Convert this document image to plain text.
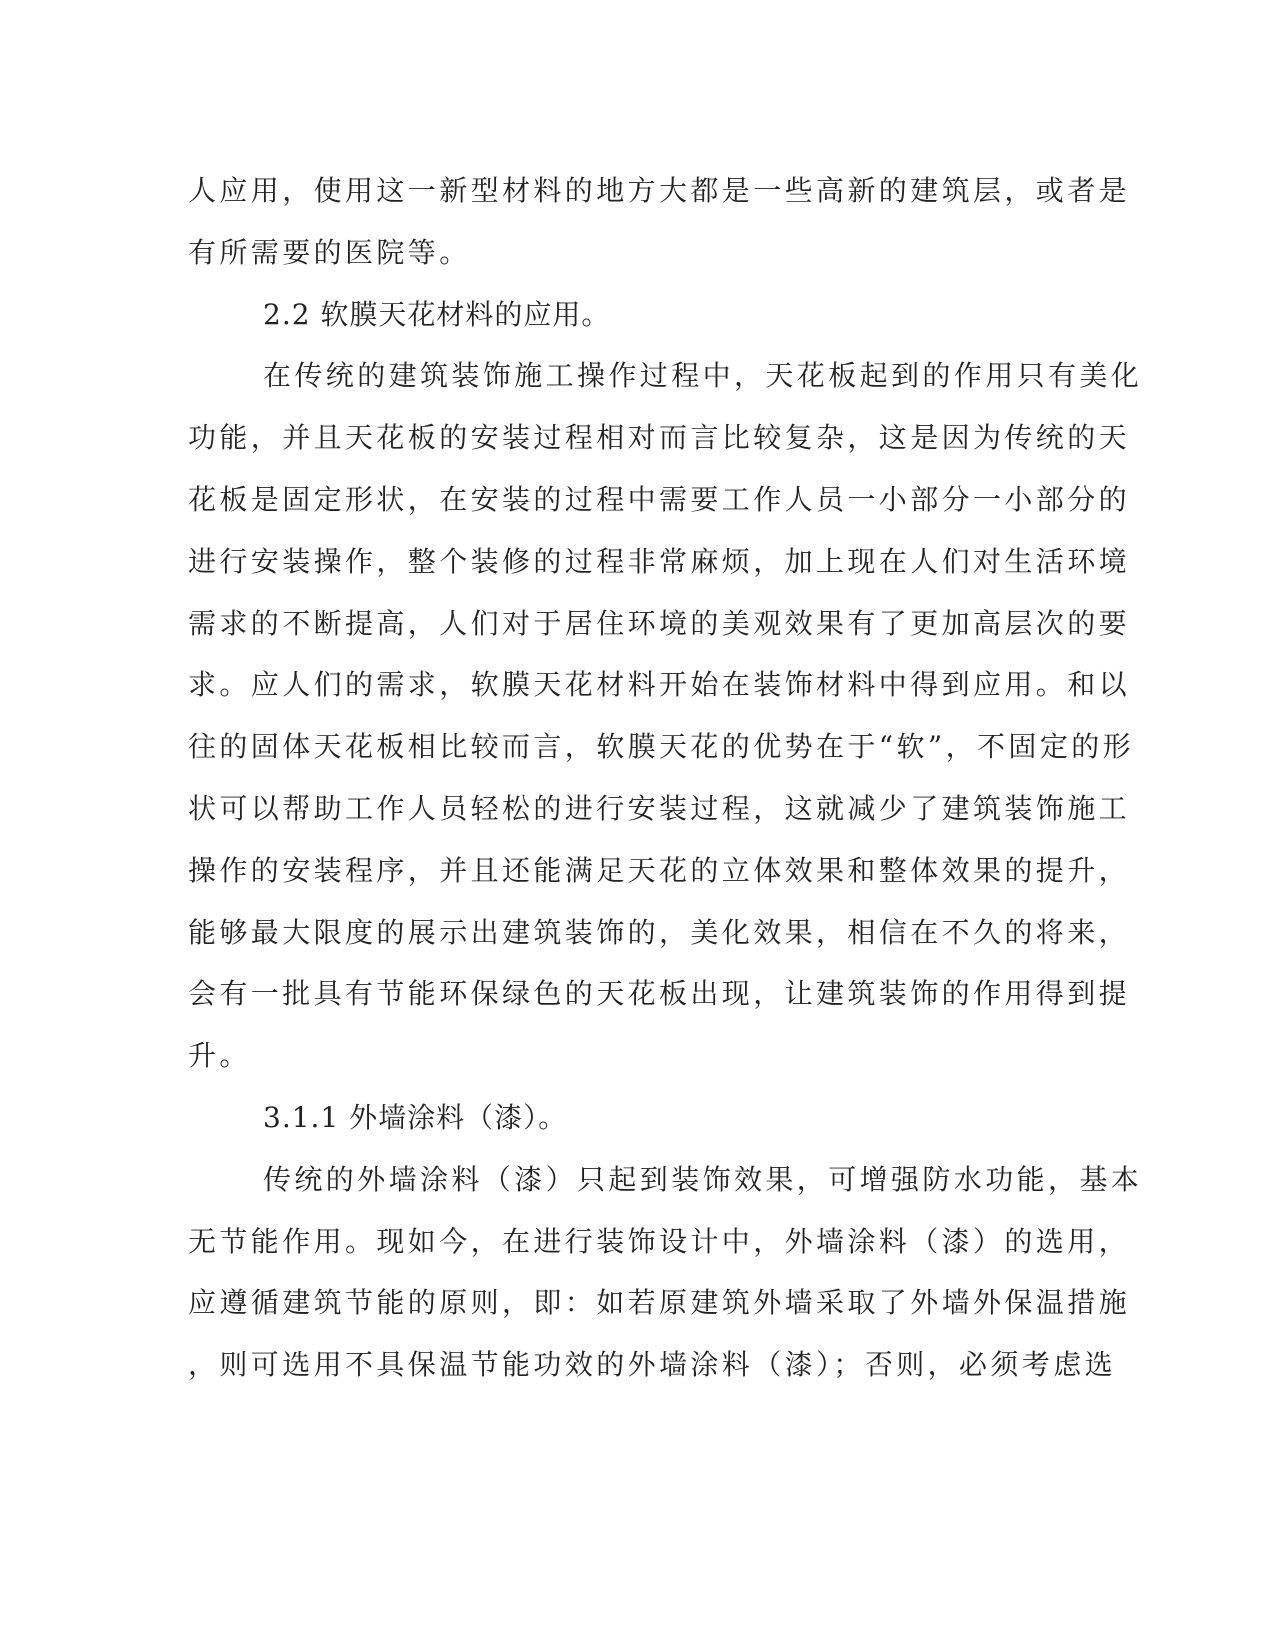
人应用，使用这一新型材料的地方大都是一些高新的建筑层，或者是
有所需要的医院等。
2.2 软膜天花材料的应用。
在传统的建筑装饰施工操作过程中，天花板起到的作用只有美化
功能，并且天花板的安装过程相对而言比较复杂，这是因为传统的天
花板是固定形状，在安装的过程中需要工作人员一小部分一小部分的
进行安装操作，整个装修的过程非常麻烦，加上现在人们对生活环境
需求的不断提高，人们对于居住环境的美观效果有了更加高层次的要
求。应人们的需求，软膜天花材料开始在装饰材料中得到应用。和以
往的固体天花板相比较而言，软膜天花的优势在于“软”，不固定的形
状可以帮助工作人员轻松的进行安装过程，这就减少了建筑装饰施工
操作的安装程序，并且还能满足天花的立体效果和整体效果的提升，
能够最大限度的展示出建筑装饰的，美化效果，相信在不久的将来，
会有一批具有节能环保绿色的天花板出现，让建筑装饰的作用得到提
升。
3.1.1 外墙涂料（漆）。
传统的外墙涂料（漆）只起到装饰效果，可增强防水功能，基本
无节能作用。现如今，在进行装饰设计中，外墙涂料（漆）的选用，
应遵循建筑节能的原则，即：如若原建筑外墙采取了外墙外保温措施
，则可选用不具保温节能功效的外墙涂料（漆）；否则，必须考虑选
